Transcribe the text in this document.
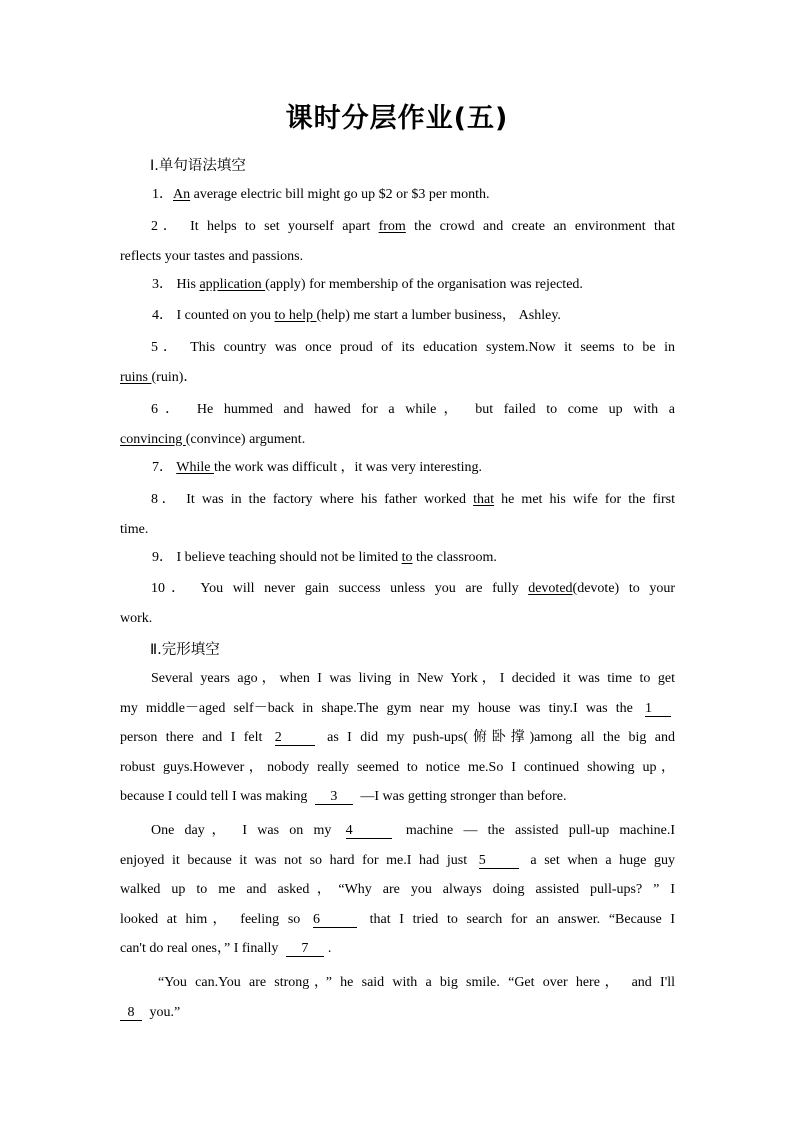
课时分层作业(五)
Ⅰ.单句语法填空
1．An average electric bill might go up $2 or $3 per month.
2． It helps to set yourself apart from the crowd and create an environment that
reflects your tastes and passions.
3． His application (apply) for membership of the organisation was rejected.
4． I counted on you to help (help) me start a lumber business， Ashley.
5． This country was once proud of its education system.Now it seems to be in
ruins (ruin)．
6． He hummed and hawed for a while， but failed to come up with a
convincing (convince) argument.
7． While the work was difficult ，it was very interesting.
8． It was in the factory where his father worked that he met his wife for the first
time.
9． I believe teaching should not be limited to the classroom.
10． You will never gain success unless you are fully devoted(devote) to your
work.
Ⅱ.完形填空
Several years ago，when I was living in New York，I decided it was time to get
my middle－aged self－back in shape.The gym near my house was tiny.I was the 1
person there and I felt 2	as I did my push-ups(俯卧撑)among all the big and
robust guys.However，nobody really seemed to notice me.So I continued showing up，
because I could tell I was making 3 —I was getting stronger than before.
One day， I was on my 4	machine — the assisted pull-up machine.I
enjoyed it because it was not so hard for me.I had just 5	a set when a huge guy
walked up to me and asked，“Why are you always doing assisted pull-ups? ” I
looked at him， feeling so 6	that I tried to search for an answer. “Because I
can't do real ones，” I finally 7 .
“You can.You are strong，” he said with a big smile. “Get over here， and I'll
8 you.”
